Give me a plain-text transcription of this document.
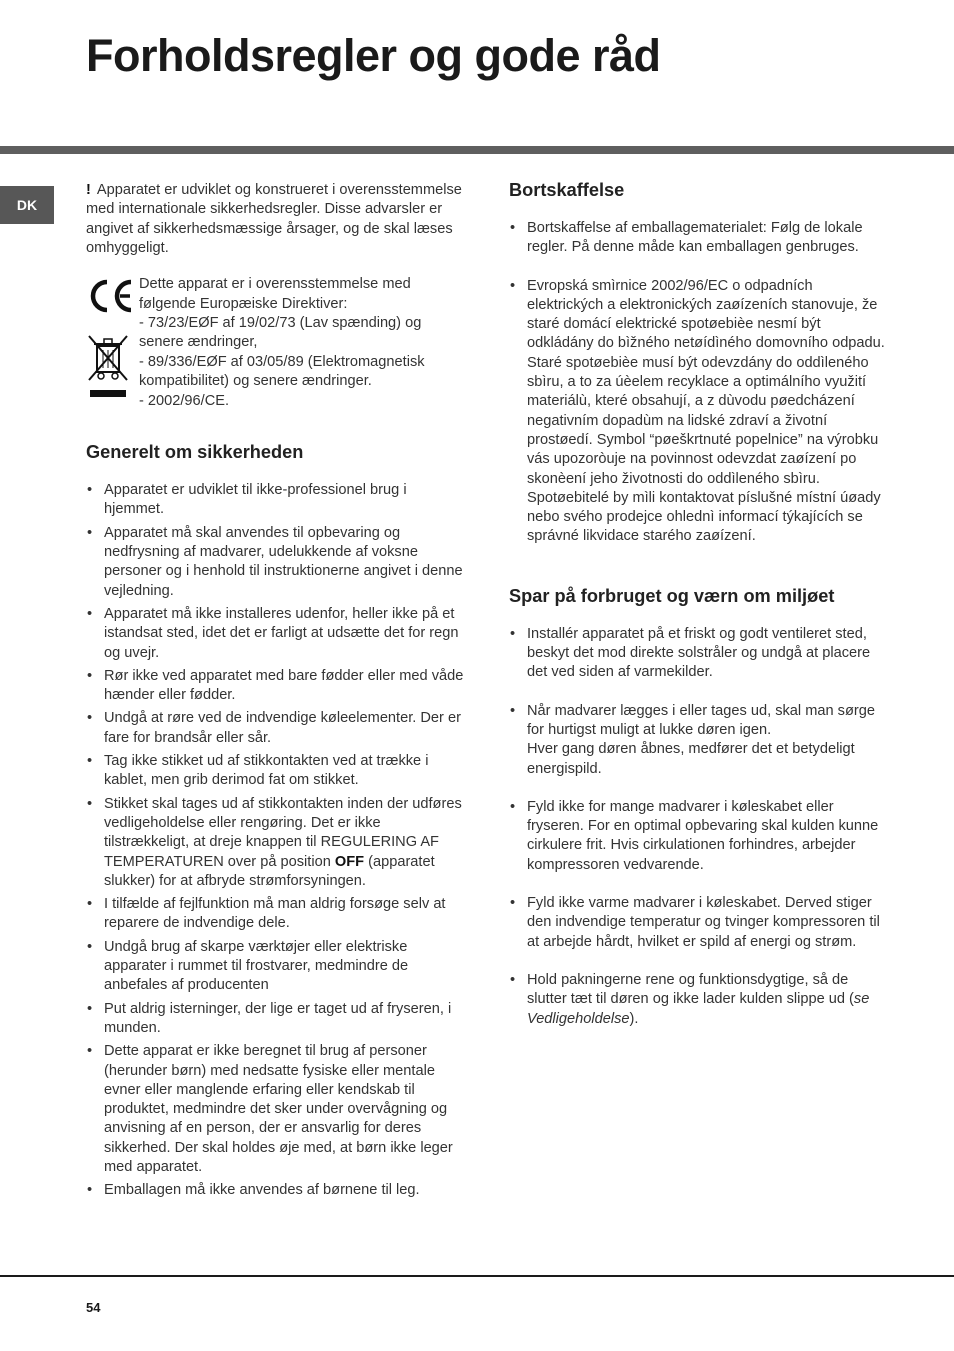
Forholdsregler og gode råd
DK

! Apparatet er udviklet og konstrueret i overensstemmelse med internationale sikkerhedsregler. Disse advarsler er angivet af sikkerhedsmæssige årsager, og de skal læses omhyggeligt.

Dette apparat er i overensstemmelse med følgende Europæiske Direktiver:

- 73/23/EØF af 19/02/73 (Lav spænding) og senere ændringer,

- 89/336/EØF af 03/05/89 (Elektromagnetisk kompatibilitet) og senere ændringer.

- 2002/96/CE.

Generelt om sikkerheden
• Apparatet er udviklet til ikke-professionel brug i hjemmet.
• Apparatet må skal anvendes til opbevaring og nedfrysning af madvarer, udelukkende af voksne personer og i henhold til instruktionerne angivet i denne vejledning.
• Apparatet må ikke installeres udenfor, heller ikke på et istandsat sted, idet det er farligt at udsætte det for regn og uvejr.
• Rør ikke ved apparatet med bare fødder eller med våde hænder eller fødder.
• Undgå at røre ved de indvendige køleelementer. Der er fare for brandsår eller sår.
• Tag ikke stikket ud af stikkontakten ved at trække i kablet, men grib derimod fat om stikket.
• Stikket skal tages ud af stikkontakten inden der udføres vedligeholdelse eller rengøring. Det er ikke tilstrækkeligt, at dreje knappen til REGULERING AF TEMPERATUREN over på position OFF (apparatet slukker) for at afbryde strømforsyningen.
• I tilfælde af fejlfunktion må man aldrig forsøge selv at reparere de indvendige dele.
• Undgå brug af skarpe værktøjer eller elektriske apparater i rummet til frostvarer, medmindre de anbefales af producenten
• Put aldrig isterninger, der lige er taget ud af fryseren, i munden.
• Dette apparat er ikke beregnet til brug af personer (herunder børn) med nedsatte fysiske eller mentale evner eller manglende erfaring eller kendskab til produktet, medmindre det sker under overvågning og anvisning af en person, der er ansvarlig for deres sikkerhed. Der skal holdes øje med, at børn ikke leger med apparatet.
• Emballagen må ikke anvendes af børnene til leg.
Bortskaffelse
• Bortskaffelse af emballagematerialet: Følg de lokale regler. På denne måde kan emballagen genbruges.
• Evropská smìrnice 2002/96/EC o odpadních elektrických a elektronických zaøízeních stanovuje, že staré domácí elektrické spotøebièe nesmí být odkládány do bìžného netøídìného domovního odpadu. Staré spotøebièe musí být odevzdány do oddìleného sbìru, a to za úèelem recyklace a optimálního využití materiálù, které obsahují, a z dùvodu pøedcházení negativním dopadùm na lidské zdraví a životní prostøedí. Symbol “pøeškrtnuté popelnice” na výrobku vás upozoròuje na povinnost odevzdat zaøízení po skonèení jeho životnosti do oddìleného sbìru.
Spotøebitelé by mìli kontaktovat píslušné místní úøady nebo svého prodejce ohlednì informací týkajících se správné likvidace starého zaøízení.
Spar på forbruget og værn om miljøet
• Installér apparatet på et friskt og godt ventileret sted, beskyt det mod direkte solstråler og undgå at placere det ved siden af varmekilder.
• Når madvarer lægges i eller tages ud, skal man sørge for hurtigst muligt at lukke døren igen.
Hver gang døren åbnes, medfører det et betydeligt energispild.
• Fyld ikke for mange madvarer i køleskabet eller fryseren. For en optimal opbevaring skal kulden kunne cirkulere frit. Hvis cirkulationen forhindres, arbejder kompressoren vedvarende.
• Fyld ikke varme madvarer i køleskabet. Derved stiger den indvendige temperatur og tvinger kompressoren til at arbejde hårdt, hvilket er spild af energi og strøm.
• Hold pakningerne rene og funktionsdygtige, så de slutter tæt til døren og ikke lader kulden slippe ud (se Vedligeholdelse).
54
